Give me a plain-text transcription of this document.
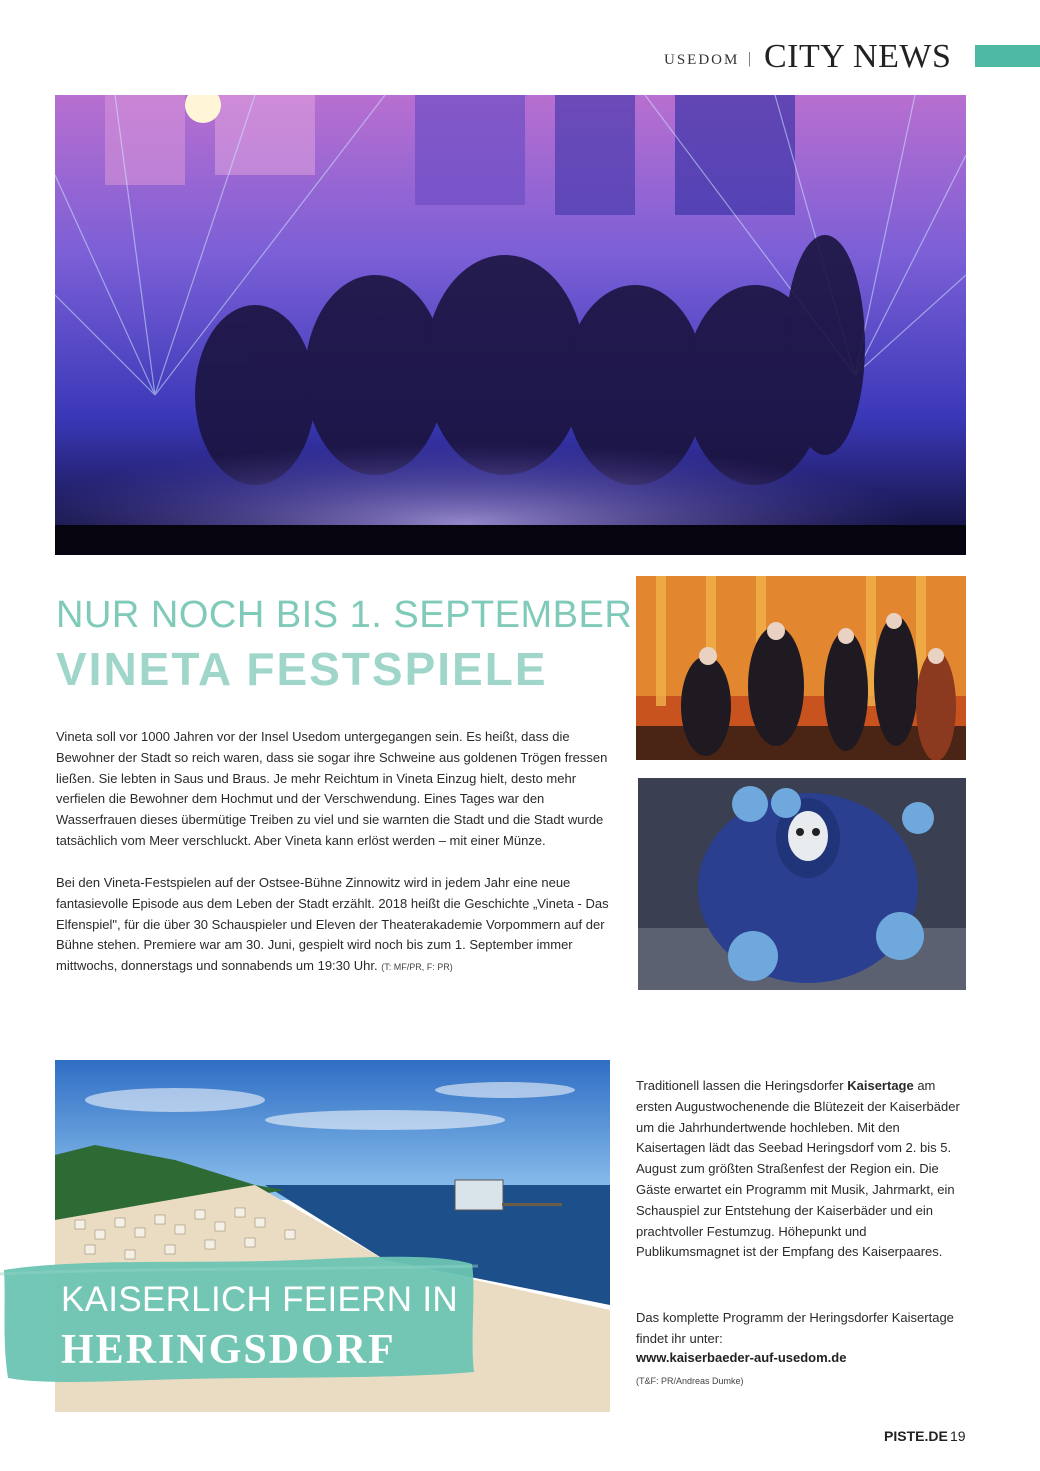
USEDOM | CITY NEWS
NUR NOCH BIS 1. SEPTEMBER
VINETA FESTSPIELE

Vineta soll vor 1000 Jahren vor der Insel Usedom untergegangen sein. Es heißt, dass die Bewohner der Stadt so reich waren, dass sie sogar ihre Schweine aus goldenen Trögen fressen ließen. Sie lebten in Saus und Braus. Je mehr Reichtum in Vineta Einzug hielt, desto mehr verfielen die Bewohner dem Hochmut und der Verschwendung. Eines Tages war den Wasserfrauen dieses übermütige Treiben zu viel und sie warnten die Stadt und die Stadt wurde tatsächlich vom Meer verschluckt. Aber Vineta kann erlöst werden – mit einer Münze.

Bei den Vineta-Festspielen auf der Ostsee-Bühne Zinnowitz wird in jedem Jahr eine neue fantasievolle Episode aus dem Leben der Stadt erzählt. 2018 heißt die Geschichte „Vineta - Das Elfenspiel", für die über 30 Schauspieler und Eleven der Theaterakademie Vorpommern auf der Bühne stehen. Premiere war am 30. Juni, gespielt wird noch bis zum 1. September immer mittwochs, donnerstags und sonnabends um 19:30 Uhr. (T: MF/PR, F: PR)

KAISERLICH FEIERN IN
HERINGSDORF

Traditionell lassen die Heringsdorfer Kaisertage am ersten Augustwochenende die Blütezeit der Kaiserbäder um die Jahrhundertwende hochleben. Mit den Kaisertagen lädt das Seebad Heringsdorf vom 2. bis 5. August zum größten Straßenfest der Region ein. Die Gäste erwartet ein Programm mit Musik, Jahrmarkt, ein Schauspiel zur Entstehung der Kaiserbäder und ein prachtvoller Festumzug. Höhepunkt und Publikumsmagnet ist der Empfang des Kaiserpaares.

Das komplette Programm der Heringsdorfer Kaisertage findet ihr unter:

www.kaiserbaeder-auf-usedom.de
(T&F: PR/Andreas Dumke)
PISTE.DE 19
